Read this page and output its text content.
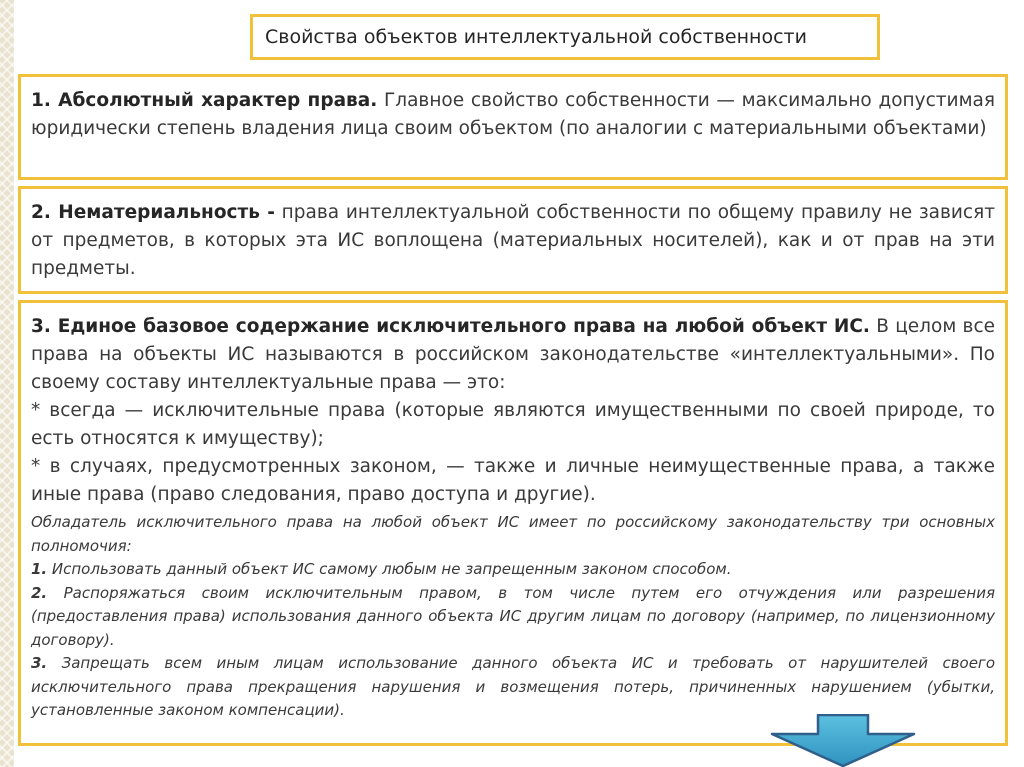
Свойства объектов интеллектуальной собственности

1. Абсолютный характер права. Главное свойство собственности — максимально допустимая юридически степень владения лица своим объектом (по аналогии с материальными объектами)

2. Нематериальность - права интеллектуальной собственности по общему правилу не зависят от предметов, в которых эта ИС воплощена (материальных носителей), как и от прав на эти предметы.

3. Единое базовое содержание исключительного права на любой объект ИС. В целом все права на объекты ИС называются в российском законодательстве «интеллектуальными». По своему составу интеллектуальные права — это:

* всегда — исключительные права (которые являются имущественными по своей природе, то есть относятся к имуществу);

* в случаях, предусмотренных законом, — также и личные неимущественные права, а также иные права (право следования, право доступа и другие).

Обладатель исключительного права на любой объект ИС имеет по российскому законодательству три основных полномочия:

1. Использовать данный объект ИС самому любым не запрещенным законом способом.

2. Распоряжаться своим исключительным правом, в том числе путем его отчуждения или разрешения (предоставления права) использования данного объекта ИС другим лицам по договору (например, по лицензионному договору).

3. Запрещать всем иным лицам использование данного объекта ИС и требовать от нарушителей своего исключительного права прекращения нарушения и возмещения потерь, причиненных нарушением (убытки, установленные законом компенсации).
